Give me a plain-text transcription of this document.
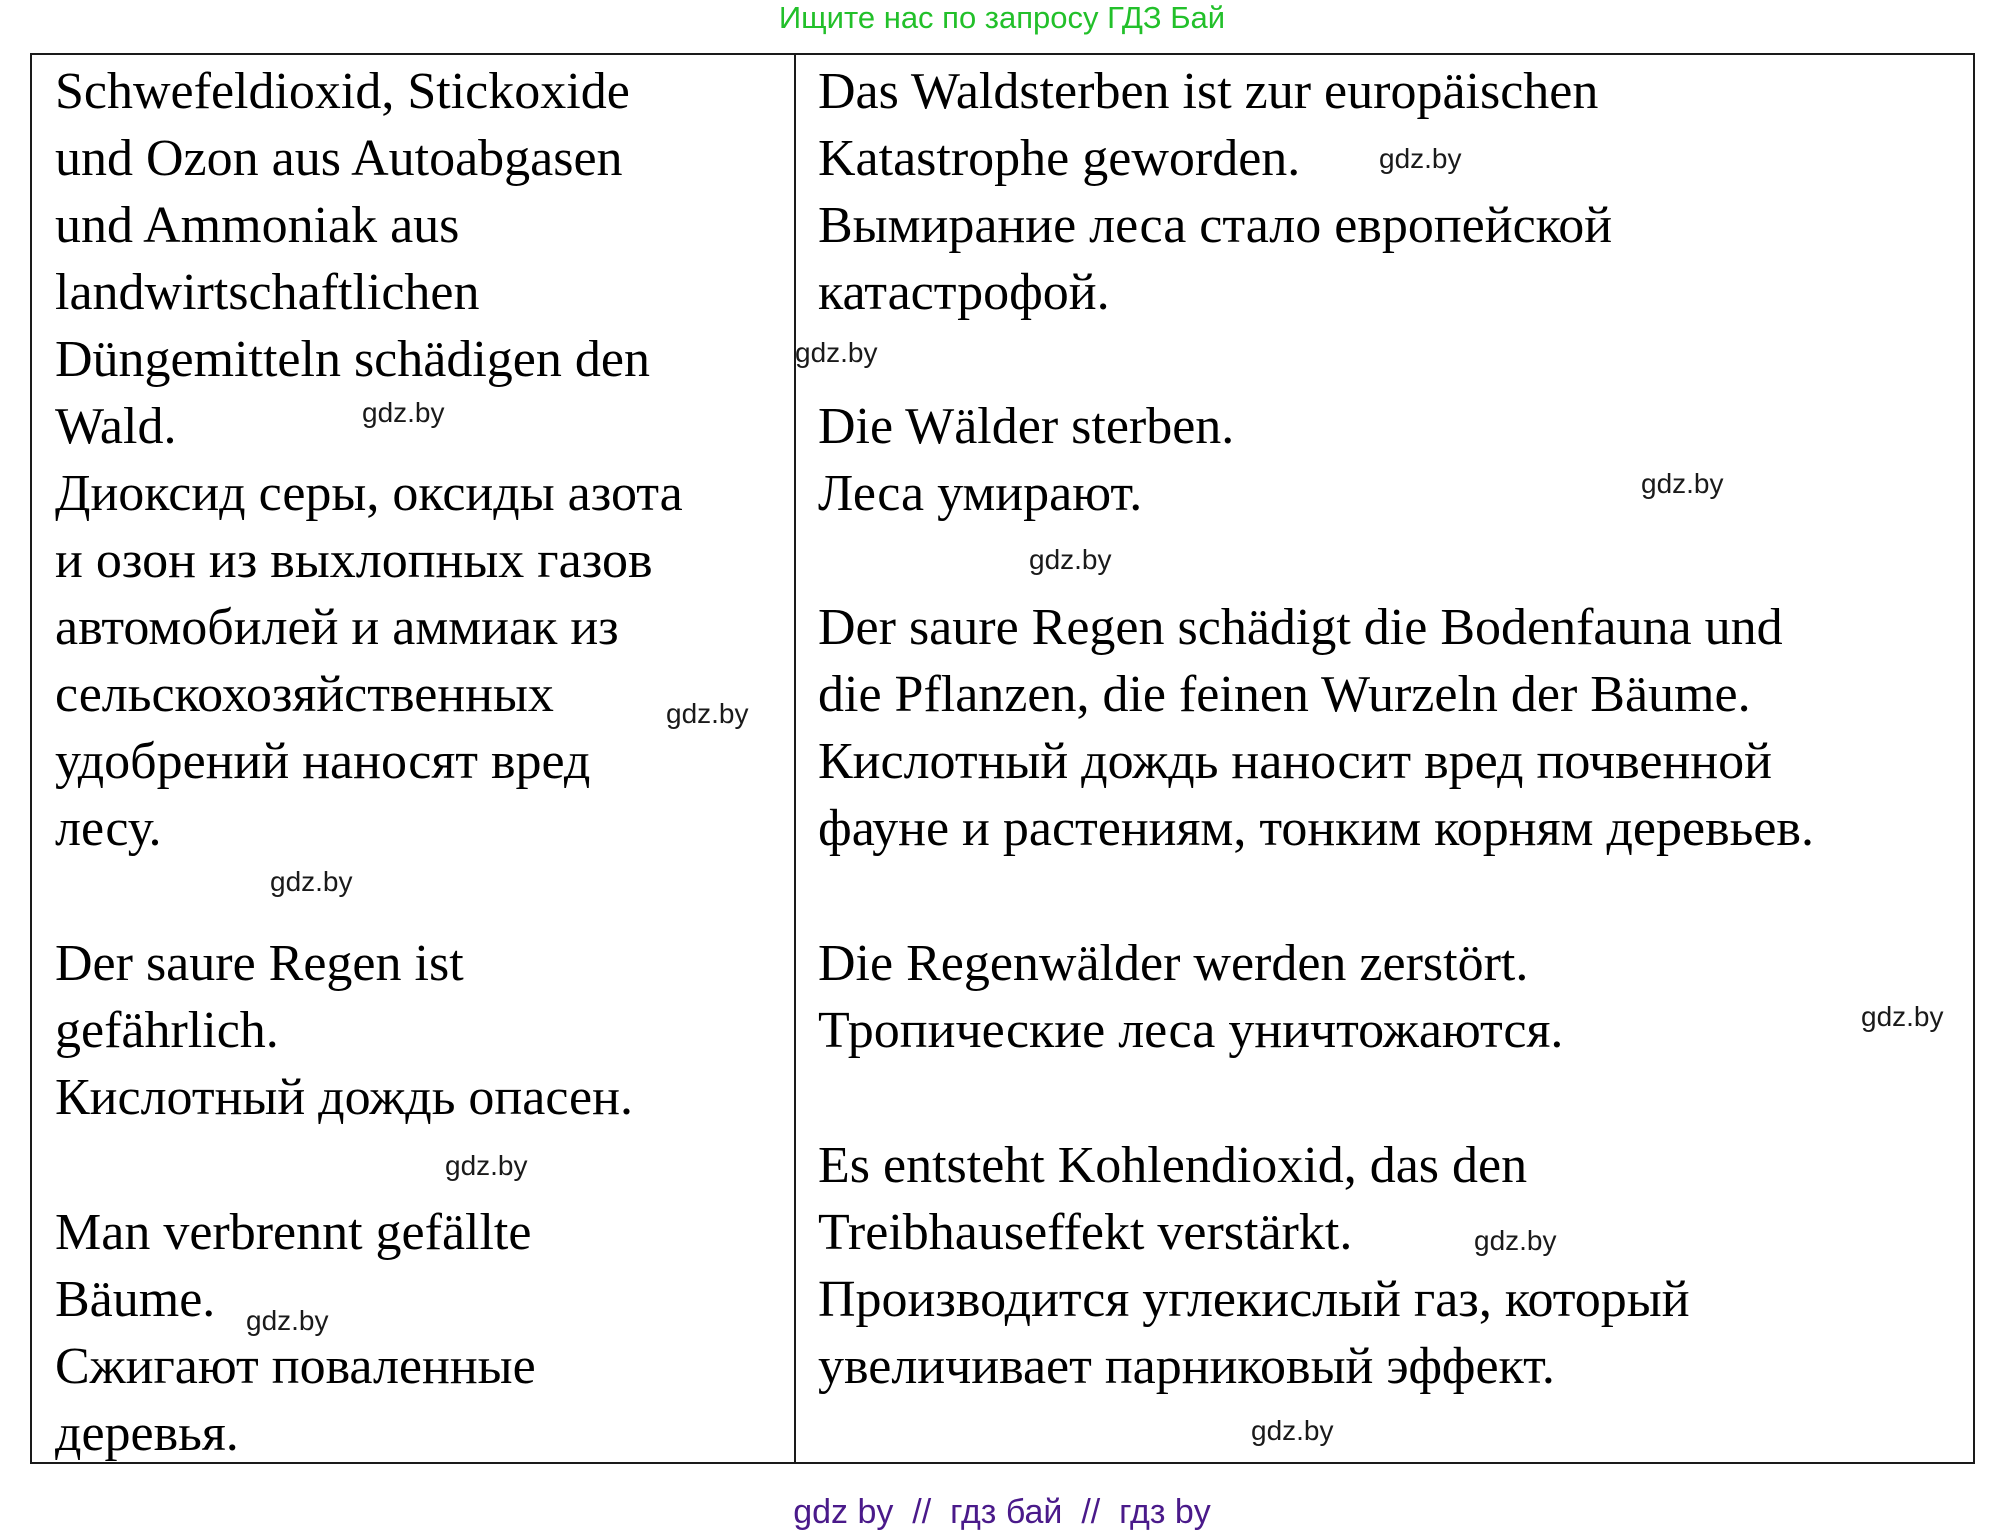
Ищите нас по запросу ГДЗ Бай
Schwefeldioxid, Stickoxide
und Ozon aus Autoabgasen
und Ammoniak aus
landwirtschaftlichen
Düngemitteln schädigen den
Wald.
Диоксид серы, оксиды азота
и озон из выхлопных газов
автомобилей и аммиак из
сельскохозяйственных
удобрений наносят вред
лесу.
Der saure Regen ist
gefährlich.
Кислотный дождь опасен.
Man verbrennt gefällte
Bäume.
Сжигают поваленные
деревья.
Das Waldsterben ist zur europäischen
Katastrophe geworden.
Вымирание леса стало европейской
катастрофой.
Die Wälder sterben.
Леса умирают.
Der saure Regen schädigt die Bodenfauna und
die Pflanzen, die feinen Wurzeln der Bäume.
Кислотный дождь наносит вред почвенной
фауне и растениям, тонким корням деревьев.
Die Regenwälder werden zerstört.
Тропические леса уничтожаются.
Es entsteht Kohlendioxid, das den
Treibhauseffekt verstärkt.
Производится углекислый газ, который
увеличивает парниковый эффект.
gdz.by
gdz.by
gdz.by
gdz.by
gdz.by
gdz.by
gdz.by
gdz.by
gdz.by
gdz.by
gdz.by
gdz.by
gdz by  //  гдз бай  //  гдз by
